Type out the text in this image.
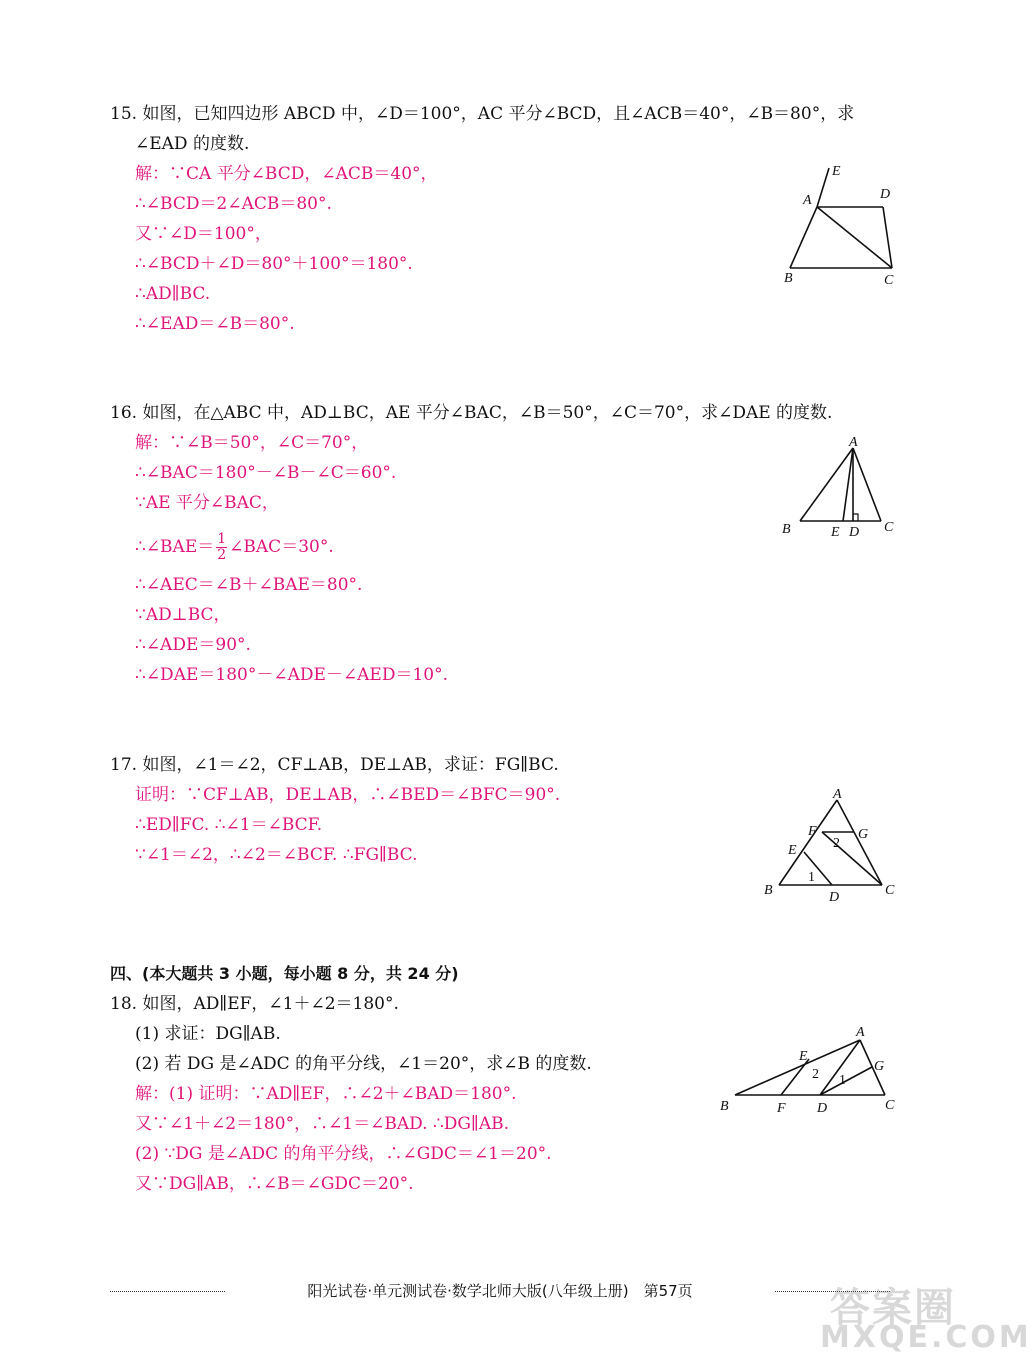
15. 如图，已知四边形 ABCD 中，∠D＝100°，AC 平分∠BCD，且∠ACB＝40°，∠B＝80°，求
∠EAD 的度数.
解：∵CA 平分∠BCD，∠ACB＝40°，
∴∠BCD＝2∠ACB＝80°.
又∵∠D＝100°，
∴∠BCD＋∠D＝80°＋100°＝180°.
∴AD∥BC.
∴∠EAD＝∠B＝80°.
E
A	D
B	C
16. 如图，在△ABC 中，AD⊥BC，AE 平分∠BAC，∠B＝50°，∠C＝70°，求∠DAE 的度数.
解：∵∠B＝50°，∠C＝70°，
∴∠BAC＝180°－∠B－∠C＝60°.
∵AE 平分∠BAC，
∴∠BAE＝ $\frac{1}{2}$ ∠BAC＝30°.
∴∠AEC＝∠B＋∠BAE＝80°.
∵AD⊥BC，
∴∠ADE＝90°.
∴∠DAE＝180°－∠ADE－∠AED＝10°.
A
B	C
E D
17. 如图，∠1＝∠2，CF⊥AB，DE⊥AB，求证：FG∥BC.
证明：∵CF⊥AB，DE⊥AB，∴∠BED＝∠BFC＝90°.
∴ED∥FC. ∴∠1＝∠BCF.
∵∠1＝∠2，∴∠2＝∠BCF. ∴FG∥BC.
A
F	G
E
B	C
D
1
2
四、(本大题共 3 小题，每小题 8 分，共 24 分)
18. 如图，AD∥EF，∠1＋∠2＝180°.
(1) 求证：DG∥AB.
(2) 若 DG 是∠ADC 的角平分线，∠1＝20°，求∠B 的度数.
解：(1) 证明：∵AD∥EF，∴∠2＋∠BAD＝180°.
又∵∠1＋∠2＝180°，∴∠1＝∠BAD. ∴DG∥AB.
(2) ∵DG 是∠ADC 的角平分线，∴∠GDC＝∠1＝20°.
又∵DG∥AB，∴∠B＝∠GDC＝20°.
A
E
G
B	F D	C
1
2
阳光试卷·单元测试卷·数学北师大版(八年级上册)　第57页	答案圈
MXQE.COM
